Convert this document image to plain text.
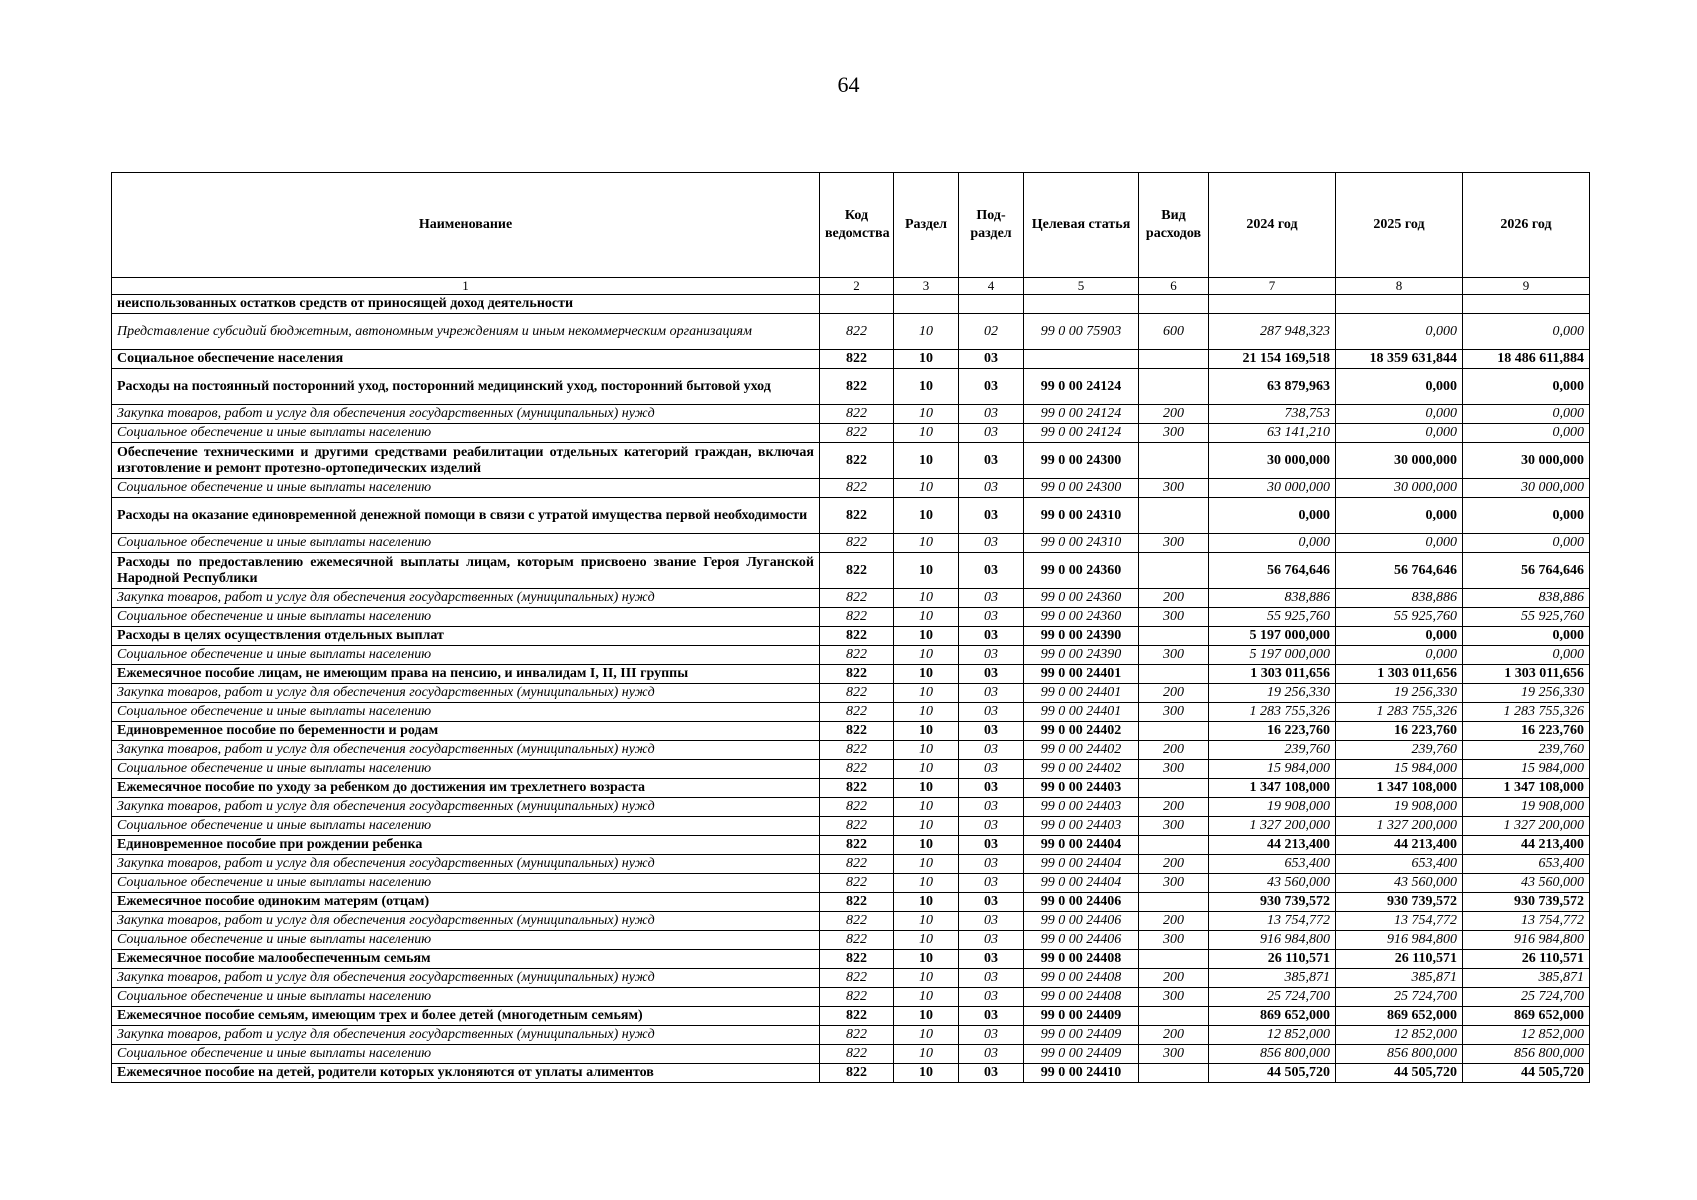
64
Наименование	Код ведомства	Раздел	Под-раздел	Целевая статья	Вид расходов	2024 год	2025 год	2026 год
1	2	3	4	5	6	7	8	9
неиспользованных остатков средств от приносящей доход деятельности								
Представление субсидий бюджетным, автономным учреждениям и иным некоммерческим организациям	822	10	02	99 0 00 75903	600	287 948,323	0,000	0,000
Социальное обеспечение населения	822	10	03			21 154 169,518	18 359 631,844	18 486 611,884
Расходы на постоянный посторонний уход, посторонний медицинский уход, посторонний бытовой уход	822	10	03	99 0 00 24124		63 879,963	0,000	0,000
Закупка товаров, работ и услуг для обеспечения государственных (муниципальных) нужд	822	10	03	99 0 00 24124	200	738,753	0,000	0,000
Социальное обеспечение и иные выплаты населению	822	10	03	99 0 00 24124	300	63 141,210	0,000	0,000
Обеспечение техническими и другими средствами реабилитации отдельных категорий граждан, включая изготовление и ремонт протезно-ортопедических изделий	822	10	03	99 0 00 24300		30 000,000	30 000,000	30 000,000
Социальное обеспечение и иные выплаты населению	822	10	03	99 0 00 24300	300	30 000,000	30 000,000	30 000,000
Расходы на оказание единовременной денежной помощи в связи с утратой имущества первой необходимости	822	10	03	99 0 00 24310		0,000	0,000	0,000
Социальное обеспечение и иные выплаты населению	822	10	03	99 0 00 24310	300	0,000	0,000	0,000
Расходы по предоставлению ежемесячной выплаты лицам, которым присвоено звание Героя Луганской Народной Республики	822	10	03	99 0 00 24360		56 764,646	56 764,646	56 764,646
Закупка товаров, работ и услуг для обеспечения государственных (муниципальных) нужд	822	10	03	99 0 00 24360	200	838,886	838,886	838,886
Социальное обеспечение и иные выплаты населению	822	10	03	99 0 00 24360	300	55 925,760	55 925,760	55 925,760
Расходы в целях осуществления отдельных выплат	822	10	03	99 0 00 24390		5 197 000,000	0,000	0,000
Социальное обеспечение и иные выплаты населению	822	10	03	99 0 00 24390	300	5 197 000,000	0,000	0,000
Ежемесячное пособие лицам, не имеющим права на пенсию, и инвалидам I, II, III группы	822	10	03	99 0 00 24401		1 303 011,656	1 303 011,656	1 303 011,656
Закупка товаров, работ и услуг для обеспечения государственных (муниципальных) нужд	822	10	03	99 0 00 24401	200	19 256,330	19 256,330	19 256,330
Социальное обеспечение и иные выплаты населению	822	10	03	99 0 00 24401	300	1 283 755,326	1 283 755,326	1 283 755,326
Единовременное пособие по беременности и родам	822	10	03	99 0 00 24402		16 223,760	16 223,760	16 223,760
Закупка товаров, работ и услуг для обеспечения государственных (муниципальных) нужд	822	10	03	99 0 00 24402	200	239,760	239,760	239,760
Социальное обеспечение и иные выплаты населению	822	10	03	99 0 00 24402	300	15 984,000	15 984,000	15 984,000
Ежемесячное пособие по уходу за ребенком до достижения им трехлетнего возраста	822	10	03	99 0 00 24403		1 347 108,000	1 347 108,000	1 347 108,000
Закупка товаров, работ и услуг для обеспечения государственных (муниципальных) нужд	822	10	03	99 0 00 24403	200	19 908,000	19 908,000	19 908,000
Социальное обеспечение и иные выплаты населению	822	10	03	99 0 00 24403	300	1 327 200,000	1 327 200,000	1 327 200,000
Единовременное пособие при рождении ребенка	822	10	03	99 0 00 24404		44 213,400	44 213,400	44 213,400
Закупка товаров, работ и услуг для обеспечения государственных (муниципальных) нужд	822	10	03	99 0 00 24404	200	653,400	653,400	653,400
Социальное обеспечение и иные выплаты населению	822	10	03	99 0 00 24404	300	43 560,000	43 560,000	43 560,000
Ежемесячное пособие одиноким матерям (отцам)	822	10	03	99 0 00 24406		930 739,572	930 739,572	930 739,572
Закупка товаров, работ и услуг для обеспечения государственных (муниципальных) нужд	822	10	03	99 0 00 24406	200	13 754,772	13 754,772	13 754,772
Социальное обеспечение и иные выплаты населению	822	10	03	99 0 00 24406	300	916 984,800	916 984,800	916 984,800
Ежемесячное пособие малообеспеченным семьям	822	10	03	99 0 00 24408		26 110,571	26 110,571	26 110,571
Закупка товаров, работ и услуг для обеспечения государственных (муниципальных) нужд	822	10	03	99 0 00 24408	200	385,871	385,871	385,871
Социальное обеспечение и иные выплаты населению	822	10	03	99 0 00 24408	300	25 724,700	25 724,700	25 724,700
Ежемесячное пособие семьям, имеющим трех и более детей (многодетным семьям)	822	10	03	99 0 00 24409		869 652,000	869 652,000	869 652,000
Закупка товаров, работ и услуг для обеспечения государственных (муниципальных) нужд	822	10	03	99 0 00 24409	200	12 852,000	12 852,000	12 852,000
Социальное обеспечение и иные выплаты населению	822	10	03	99 0 00 24409	300	856 800,000	856 800,000	856 800,000
Ежемесячное пособие на детей, родители которых уклоняются от уплаты алиментов	822	10	03	99 0 00 24410		44 505,720	44 505,720	44 505,720
